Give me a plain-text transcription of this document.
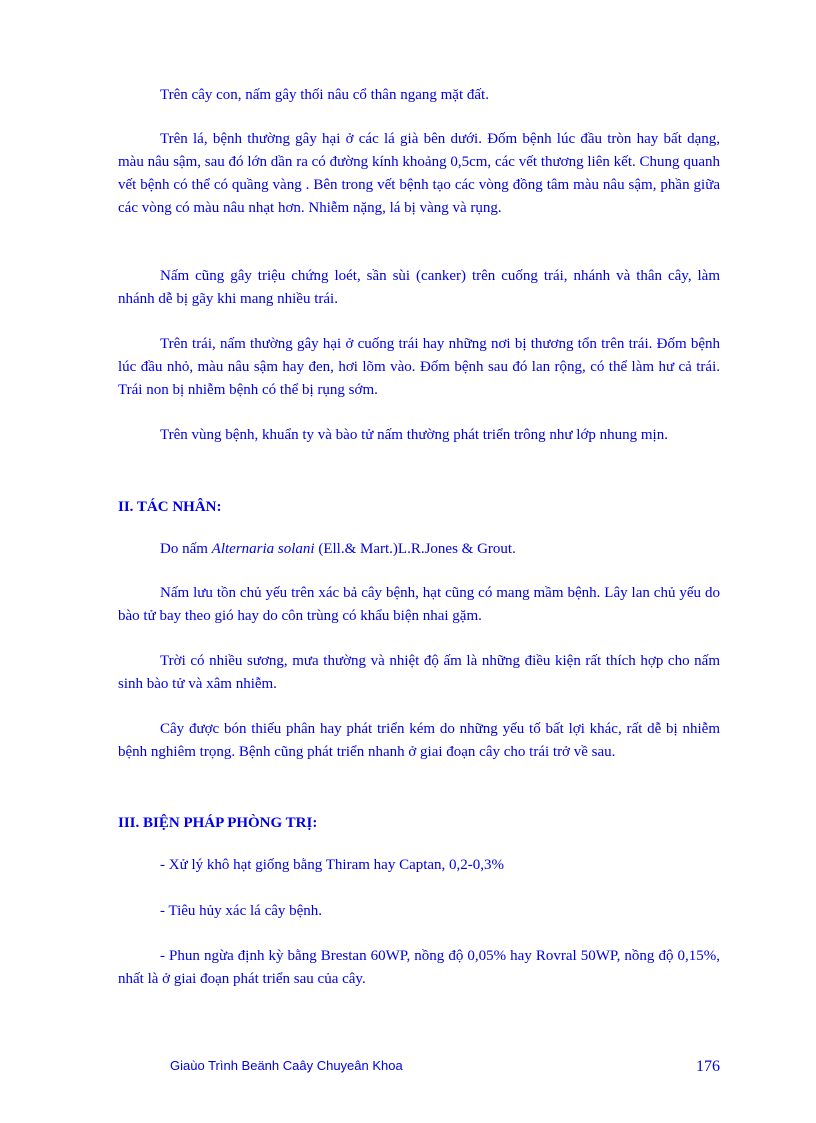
Trên cây con, nấm gây thối nâu cổ thân ngang mặt đất.

Trên lá, bệnh thường gây hại ở các lá già bên dưới. Đốm bệnh lúc đầu tròn hay bất dạng, màu nâu sậm, sau đó lớn dần ra có đường kính khoảng 0,5cm, các vết thương liên kết. Chung quanh vết bệnh có thể có quầng vàng . Bên trong vết bệnh tạo các vòng đồng tâm màu nâu sậm, phần giữa các vòng có màu nâu nhạt hơn. Nhiễm nặng, lá bị vàng và rụng.

Nấm cũng gây triệu chứng loét, sần sùi (canker) trên cuống trái, nhánh và thân cây, làm nhánh dễ bị gãy khi mang nhiều trái.

Trên trái, nấm thường gây hại ở cuống trái hay những nơi bị thương tổn trên trái. Đốm bệnh lúc đầu nhỏ, màu nâu sậm hay đen, hơi lõm vào. Đốm bệnh sau đó lan rộng, có thể làm hư cả trái. Trái non bị nhiễm bệnh có thể bị rụng sớm.

Trên vùng bệnh, khuẩn ty và bào tử nấm thường phát triển trông như lớp nhung mịn.

II. TÁC NHÂN:

Do nấm Alternaria solani (Ell.& Mart.)L.R.Jones & Grout.

Nấm lưu tồn chủ yếu trên xác bả cây bệnh, hạt cũng có mang mầm bệnh. Lây lan chủ yếu do bào tử bay theo gió hay do côn trùng có khẩu biện nhai gặm.

Trời có nhiều sương, mưa thường và nhiệt độ ấm là những điều kiện rất thích hợp cho nấm sinh bào tử và xâm nhiễm.

Cây được bón thiếu phân hay phát triển kém do những yếu tố bất lợi khác, rất dễ bị nhiễm bệnh nghiêm trọng. Bệnh cũng phát triển nhanh ở giai đoạn cây cho trái trở về sau.

III. BIỆN PHÁP PHÒNG TRỊ:

- Xử lý khô hạt giống bằng Thiram hay Captan, 0,2-0,3%

- Tiêu hủy xác lá cây bệnh.

- Phun ngừa định kỳ bằng Brestan 60WP, nồng độ 0,05% hay Rovral 50WP, nồng độ 0,15%, nhất là ở giai đoạn phát triển sau của cây.

Giaùo Trình Beänh Caây Chuyeân Khoa	176
